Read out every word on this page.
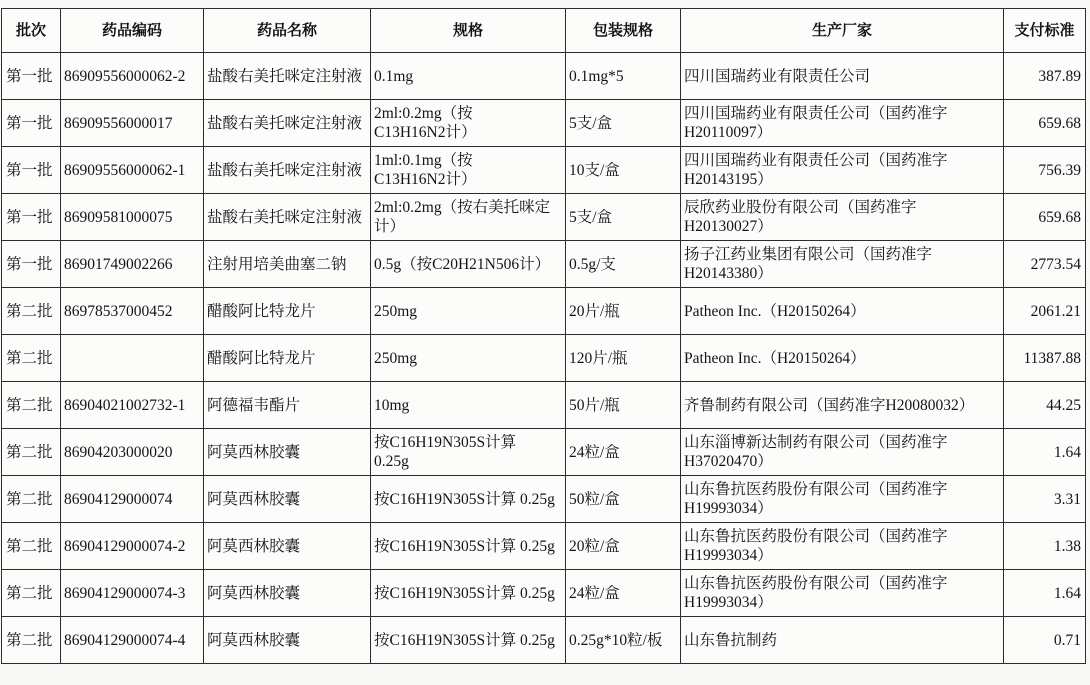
批次	药品编码	药品名称	规格	包装规格	生产厂家	支付标准
第一批	86909556000062-2	盐酸右美托咪定注射液	0.1mg	0.1mg*5	四川国瑞药业有限责任公司	387.89
第一批	86909556000017	盐酸右美托咪定注射液	2ml:0.2mg（按C13H16N2计）	5支/盒	四川国瑞药业有限责任公司（国药准字H20110097）	659.68
第一批	86909556000062-1	盐酸右美托咪定注射液	1ml:0.1mg（按C13H16N2计）	10支/盒	四川国瑞药业有限责任公司（国药准字H20143195）	756.39
第一批	86909581000075	盐酸右美托咪定注射液	2ml:0.2mg（按右美托咪定计）	5支/盒	辰欣药业股份有限公司（国药准字H20130027）	659.68
第一批	86901749002266	注射用培美曲塞二钠	0.5g（按C20H21N506计）	0.5g/支	扬子江药业集团有限公司（国药准字H20143380）	2773.54
第二批	86978537000452	醋酸阿比特龙片	250mg	20片/瓶	Patheon Inc.（H20150264）	2061.21
第二批		醋酸阿比特龙片	250mg	120片/瓶	Patheon Inc.（H20150264）	11387.88
第二批	86904021002732-1	阿德福韦酯片	10mg	50片/瓶	齐鲁制药有限公司（国药准字H20080032）	44.25
第二批	86904203000020	阿莫西林胶囊	按C16H19N305S计算 0.25g	24粒/盒	山东淄博新达制药有限公司（国药准字H37020470）	1.64
第二批	86904129000074	阿莫西林胶囊	按C16H19N305S计算 0.25g	50粒/盒	山东鲁抗医药股份有限公司（国药准字H19993034）	3.31
第二批	86904129000074-2	阿莫西林胶囊	按C16H19N305S计算 0.25g	20粒/盒	山东鲁抗医药股份有限公司（国药准字H19993034）	1.38
第二批	86904129000074-3	阿莫西林胶囊	按C16H19N305S计算 0.25g	24粒/盒	山东鲁抗医药股份有限公司（国药准字H19993034）	1.64
第二批	86904129000074-4	阿莫西林胶囊	按C16H19N305S计算 0.25g	0.25g*10粒/板	山东鲁抗制药	0.71
